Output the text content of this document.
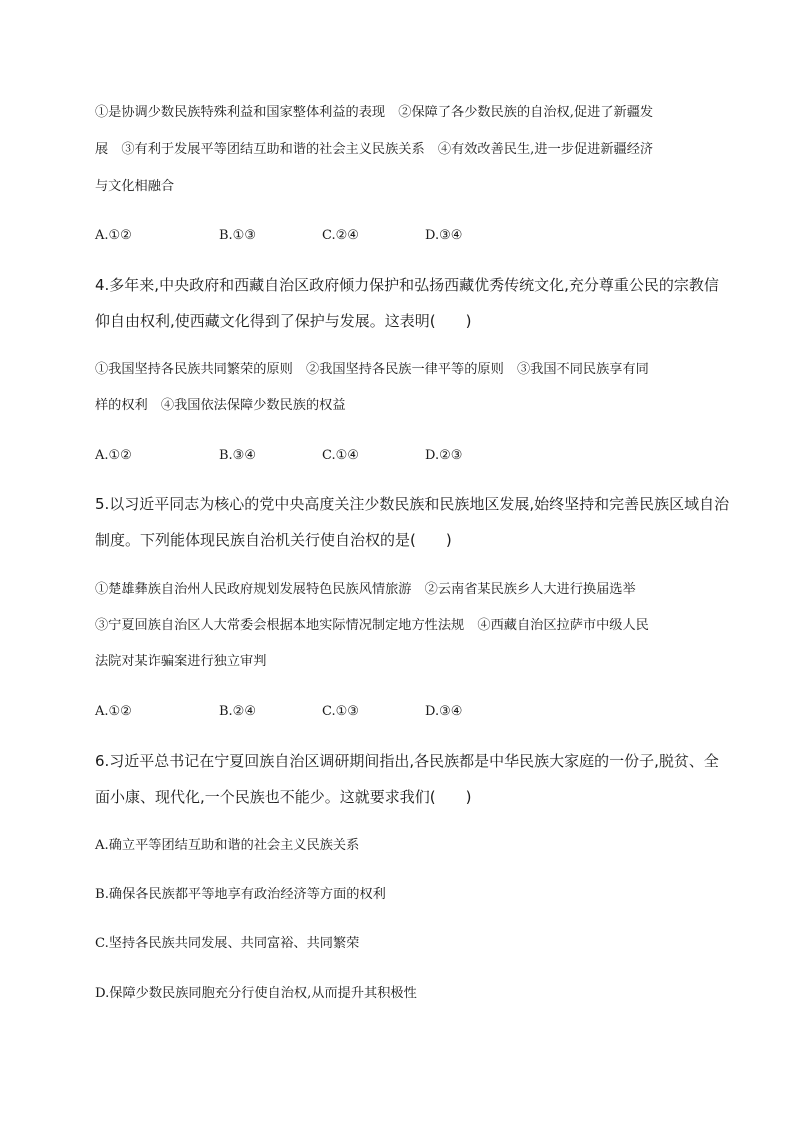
①是协调少数民族特殊利益和国家整体利益的表现　②保障了各少数民族的自治权,促进了新疆发
展　③有利于发展平等团结互助和谐的社会主义民族关系　④有效改善民生,进一步促进新疆经济
与文化相融合
A.①②	B.①③	C.②④	D.③④
4.多年来,中央政府和西藏自治区政府倾力保护和弘扬西藏优秀传统文化,充分尊重公民的宗教信
仰自由权利,使西藏文化得到了保护与发展。这表明(　　)
①我国坚持各民族共同繁荣的原则　②我国坚持各民族一律平等的原则　③我国不同民族享有同
样的权利　④我国依法保障少数民族的权益
A.①②	B.③④	C.①④	D.②③
5.以习近平同志为核心的党中央高度关注少数民族和民族地区发展,始终坚持和完善民族区域自治
制度。下列能体现民族自治机关行使自治权的是(　　)
①楚雄彝族自治州人民政府规划发展特色民族风情旅游　②云南省某民族乡人大进行换届选举
③宁夏回族自治区人大常委会根据本地实际情况制定地方性法规　④西藏自治区拉萨市中级人民
法院对某诈骗案进行独立审判
A.①②	B.②④	C.①③	D.③④
6.习近平总书记在宁夏回族自治区调研期间指出,各民族都是中华民族大家庭的一份子,脱贫、全
面小康、现代化,一个民族也不能少。这就要求我们(　　)
A.确立平等团结互助和谐的社会主义民族关系
B.确保各民族都平等地享有政治经济等方面的权利
C.坚持各民族共同发展、共同富裕、共同繁荣
D.保障少数民族同胞充分行使自治权,从而提升其积极性
